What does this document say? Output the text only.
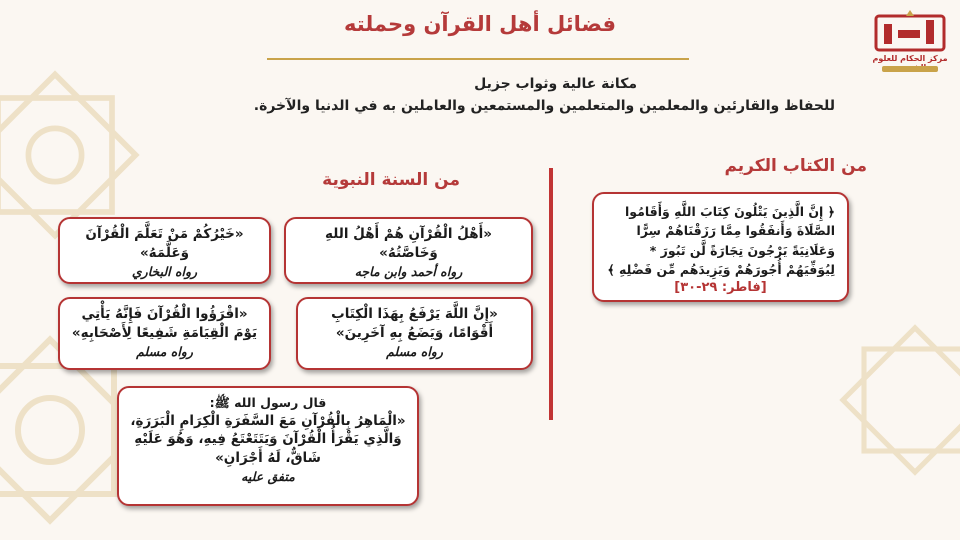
مركز الحكام للعلوم
فضائل أهل القرآن وحملته
مكانة عالية وثواب جزيل
للحفاظ والقارئين والمعلمين والمتعلمين والمستمعين والعاملين به في الدنيا والآخرة.
من الكتاب الكريم
من السنة النبوية
﴿ إِنَّ الَّذِينَ يَتْلُونَ كِتَابَ اللَّهِ وَأَقَامُوا الصَّلَاةَ وَأَنفَقُوا مِمَّا رَزَقْنَاهُمْ سِرًّا وَعَلَانِيَةً يَرْجُونَ تِجَارَةً لَّن تَبُورَ * لِيُوَفِّيَهُمْ أُجُورَهُمْ وَيَزِيدَهُم مِّن فَضْلِهِ ﴾
[فاطر: ٢٩-٣٠]
«أَهْلُ الْقُرْآنِ هُمْ أَهْلُ اللهِ وَخَاصَّتُهُ»
رواه أحمد وابن ماجه
«خَيْرُكُمْ مَنْ تَعَلَّمَ الْقُرْآنَ وَعَلَّمَهُ»
رواه البخاري
«إِنَّ اللَّهَ يَرْفَعُ بِهَذَا الْكِتَابِ أَقْوَامًا، وَيَضَعُ بِهِ آخَرِينَ»
رواه مسلم
«اقْرَؤُوا الْقُرْآنَ فَإِنَّهُ يَأْتِي يَوْمَ الْقِيَامَةِ شَفِيعًا لِأَصْحَابِهِ»
رواه مسلم
قال رسول الله ﷺ:
«الْمَاهِرُ بِالْقُرْآنِ مَعَ السَّفَرَةِ الْكِرَامِ الْبَرَرَةِ، وَالَّذِي يَقْرَأُ الْقُرْآنَ وَيَتَتَعْتَعُ فِيهِ، وَهُوَ عَلَيْهِ شَاقٌّ، لَهُ أَجْرَانِ»
متفق عليه
